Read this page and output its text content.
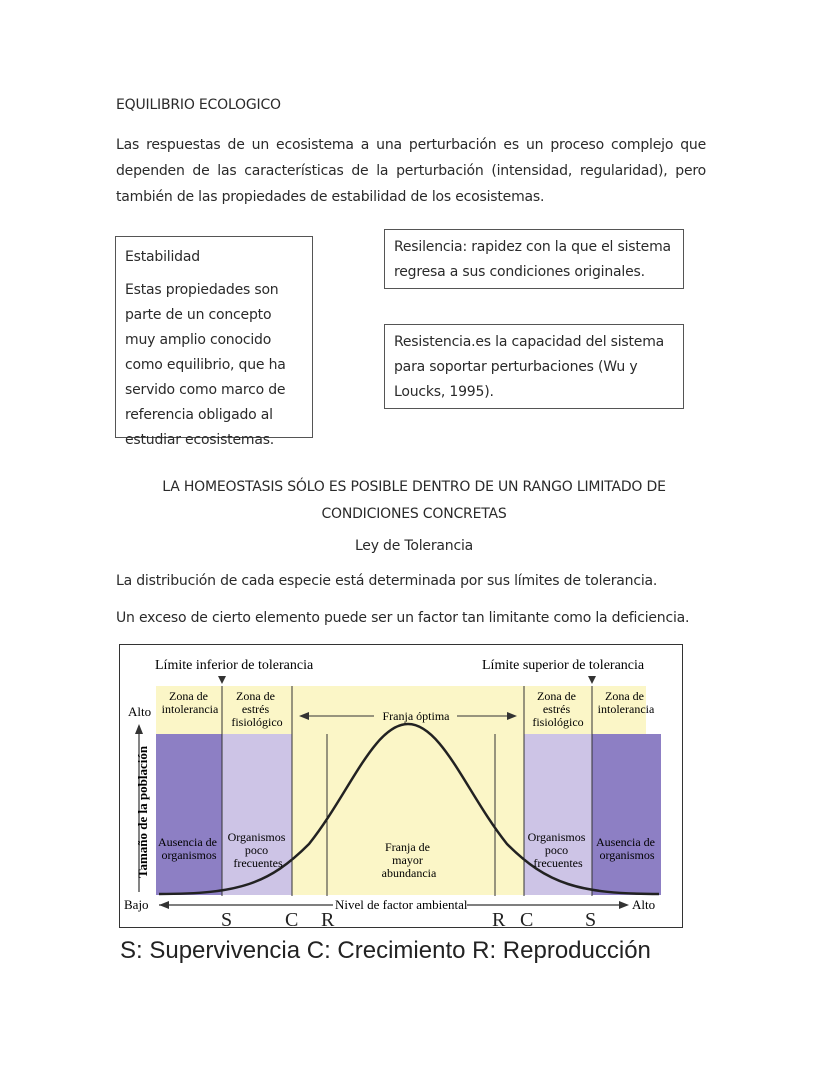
EQUILIBRIO ECOLOGICO
Las respuestas de un ecosistema a una perturbación es un proceso complejo que dependen de las características de la perturbación (intensidad, regularidad), pero también de las propiedades de estabilidad de los ecosistemas.
Estabilidad
Estas propiedades son parte de un concepto muy amplio conocido como equilibrio, que ha servido como marco de referencia obligado al estudiar ecosistemas.
Resilencia: rapidez con la que el sistema regresa a sus condiciones originales.
Resistencia.es la capacidad del sistema para soportar perturbaciones (Wu y Loucks, 1995).
LA HOMEOSTASIS SÓLO ES POSIBLE DENTRO DE UN RANGO LIMITADO DE CONDICIONES CONCRETAS
Ley de Tolerancia
La distribución de cada especie está determinada por sus límites de tolerancia.
Un exceso de cierto elemento puede ser un factor tan limitante como la deficiencia.
Alto
Tamaño de la población
Bajo	Nivel de factor ambiental	Alto
Límite inferior de tolerancia	Límite superior de tolerancia
Zona de intolerancia
Zona de estrés fisiológico
Zona de estrés fisiológico
Zona de intolerancia
Franja óptima
Ausencia de organismos
Organismos poco frecuentes
Franja de mayor abundancia
Organismos poco frecuentes
Ausencia de organismos
S	C R	R C	S
S: Supervivencia C: Crecimiento R: Reproducción
